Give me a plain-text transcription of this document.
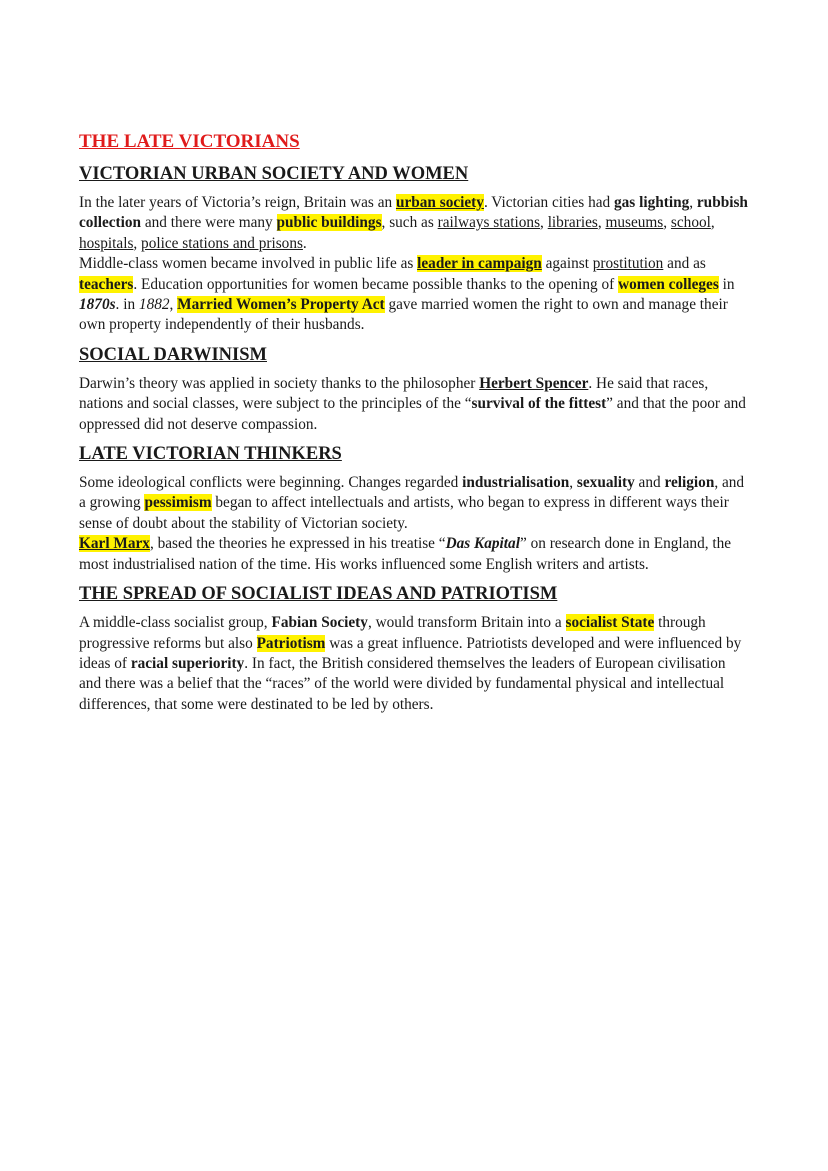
THE LATE VICTORIANS
VICTORIAN URBAN SOCIETY AND WOMEN

In the later years of Victoria’s reign, Britain was an urban society. Victorian cities had gas lighting, rubbish collection and there were many public buildings, such as railways stations, libraries, museums, school, hospitals, police stations and prisons.

Middle-class women became involved in public life as leader in campaign against prostitution and as teachers. Education opportunities for women became possible thanks to the opening of women colleges in 1870s. in 1882, Married Women’s Property Act gave married women the right to own and manage their own property independently of their husbands.

SOCIAL DARWINISM

Darwin’s theory was applied in society thanks to the philosopher Herbert Spencer. He said that races, nations and social classes, were subject to the principles of the “survival of the fittest” and that the poor and oppressed did not deserve compassion.

LATE VICTORIAN THINKERS

Some ideological conflicts were beginning. Changes regarded industrialisation, sexuality and religion, and a growing pessimism began to affect intellectuals and artists, who began to express in different ways their sense of doubt about the stability of Victorian society.

Karl Marx, based the theories he expressed in his treatise “Das Kapital” on research done in England, the most industrialised nation of the time. His works influenced some English writers and artists.

THE SPREAD OF SOCIALIST IDEAS AND PATRIOTISM

A middle-class socialist group, Fabian Society, would transform Britain into a socialist State through progressive reforms but also Patriotism was a great influence. Patriotists developed and were influenced by ideas of racial superiority. In fact, the British considered themselves the leaders of European civilisation and there was a belief that the “races” of the world were divided by fundamental physical and intellectual differences, that some were destinated to be led by others.
